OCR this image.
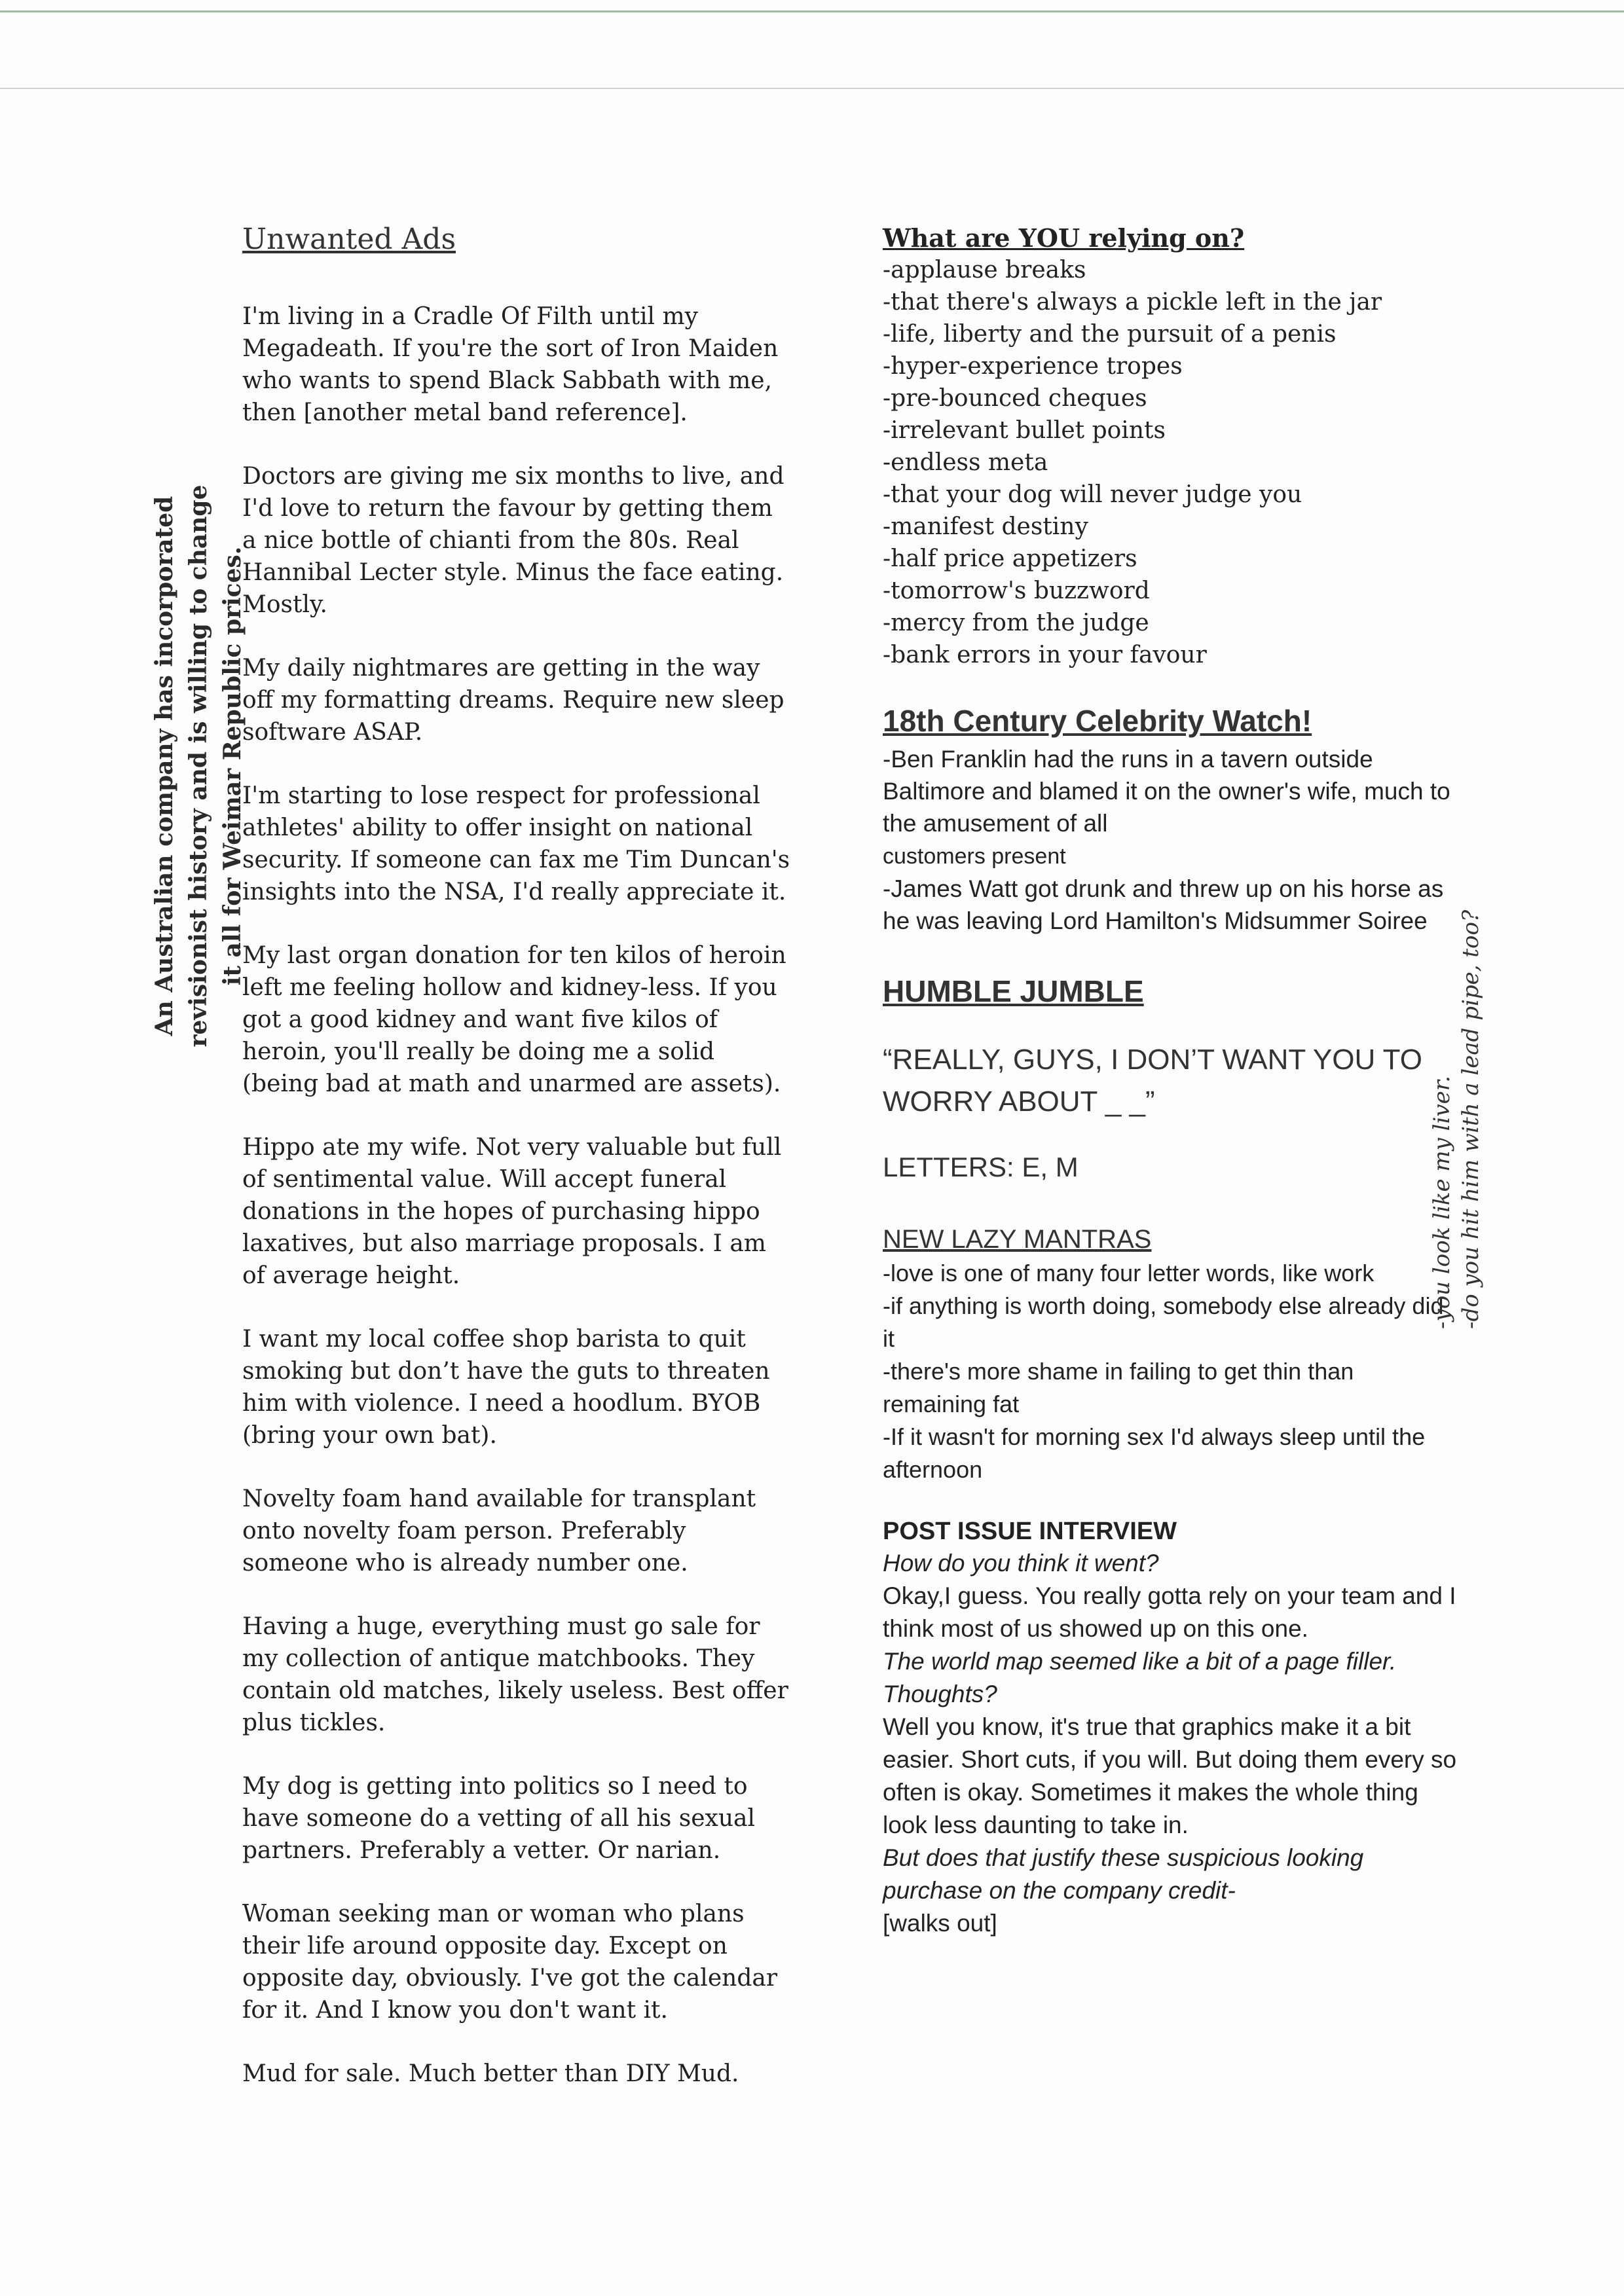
An Australian company has incorporated revisionist history and is willing to change it all for Weimar Republic prices.
Unwanted Ads

I'm living in a Cradle Of Filth until my Megadeath. If you're the sort of Iron Maiden who wants to spend Black Sabbath with me, then [another metal band reference].

Doctors are giving me six months to live, and I'd love to return the favour by getting them a nice bottle of chianti from the 80s. Real Hannibal Lecter style. Minus the face eating. Mostly.

My daily nightmares are getting in the way off my formatting dreams. Require new sleep software ASAP.

I'm starting to lose respect for professional athletes' ability to offer insight on national security. If someone can fax me Tim Duncan's insights into the NSA, I'd really appreciate it.

My last organ donation for ten kilos of heroin left me feeling hollow and kidney-less. If you got a good kidney and want five kilos of heroin, you'll really be doing me a solid (being bad at math and unarmed are assets).

Hippo ate my wife. Not very valuable but full of sentimental value. Will accept funeral donations in the hopes of purchasing hippo laxatives, but also marriage proposals. I am of average height.

I want my local coffee shop barista to quit smoking but don’t have the guts to threaten him with violence. I need a hoodlum. BYOB (bring your own bat).

Novelty foam hand available for transplant onto novelty foam person. Preferably someone who is already number one.

Having a huge, everything must go sale for my collection of antique matchbooks. They contain old matches, likely useless. Best offer plus tickles.

My dog is getting into politics so I need to have someone do a vetting of all his sexual partners. Preferably a vetter. Or narian.

Woman seeking man or woman who plans their life around opposite day. Except on opposite day, obviously. I've got the calendar for it. And I know you don't want it.

Mud for sale. Much better than DIY Mud.

What are YOU relying on?
-applause breaks
-that there's always a pickle left in the jar
-life, liberty and the pursuit of a penis
-hyper-experience tropes
-pre-bounced cheques
-irrelevant bullet points
-endless meta
-that your dog will never judge you
-manifest destiny
-half price appetizers
-tomorrow's buzzword
-mercy from the judge
-bank errors in your favour
18th Century Celebrity Watch!

-Ben Franklin had the runs in a tavern outside Baltimore and blamed it on the owner's wife, much to the amusement of all
customers present

-James Watt got drunk and threw up on his horse as he was leaving Lord Hamilton's Midsummer Soiree

HUMBLE JUMBLE

“REALLY, GUYS, I DON’T WANT YOU TO WORRY ABOUT _ _”

LETTERS: E, M

NEW LAZY MANTRAS
-love is one of many four letter words, like work
-if anything is worth doing, somebody else already did it
-there's more shame in failing to get thin than remaining fat
-If it wasn't for morning sex I'd always sleep until the afternoon
POST ISSUE INTERVIEW

How do you think it went?

Okay,I guess. You really gotta rely on your team and I think most of us showed up on this one.

The world map seemed like a bit of a page filler. Thoughts?

Well you know, it's true that graphics make it a bit easier. Short cuts, if you will. But doing them every so often is okay. Sometimes it makes the whole thing look less daunting to take in.

But does that justify these suspicious looking purchase on the company credit-

[walks out]

-you look like my liver. -do you hit him with a lead pipe, too?
